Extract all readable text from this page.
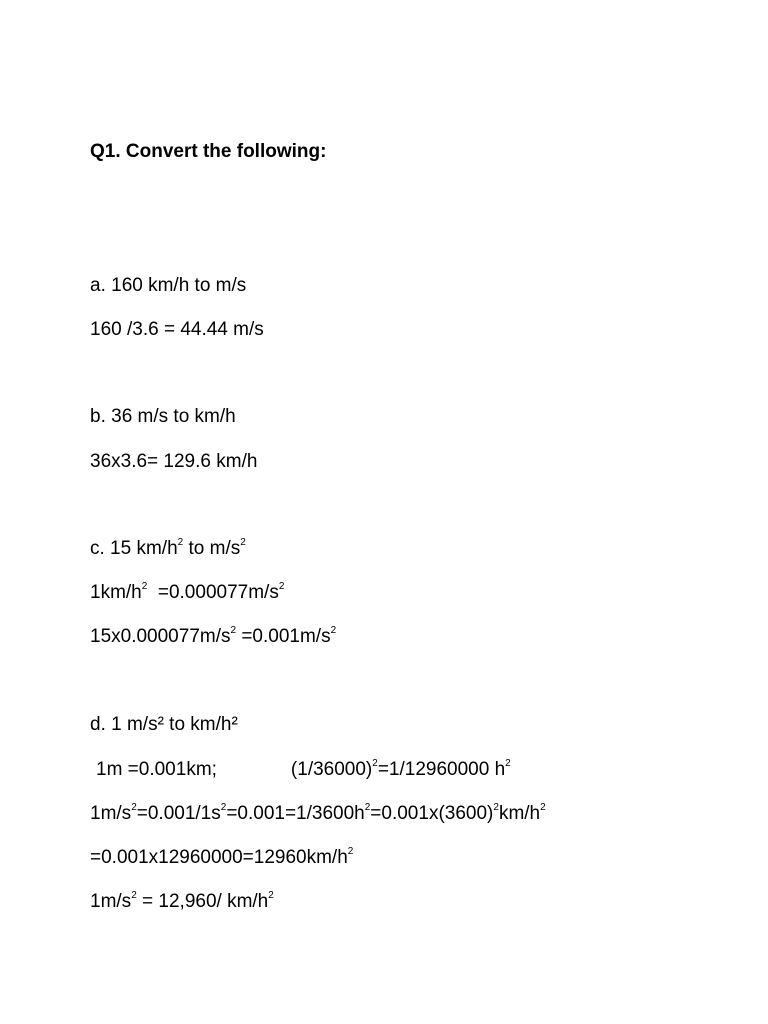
Q1. Convert the following:
a. 160 km/h to m/s
160 /3.6 = 44.44 m/s
b. 36 m/s to km/h
36x3.6= 129.6 km/h
c. 15 $km/h^2$ to $m/s^2$
$1km/h^2 =0.000077m/s^2$
$15x0.000077m/s^2 =0.001m/s^2$
d. 1 m/s² to km/h²
1m =0.001km;	$(1/36000)^2=1/12960000$ $h^2$
$1m/s^2=0.001/1s^2=0.001=1/3600h^2=0.001x(3600)^2km/h^2$
$=0.001x12960000=12960km/h^2$
$1m/s^2 = 12,960/$ $km/h^2$
